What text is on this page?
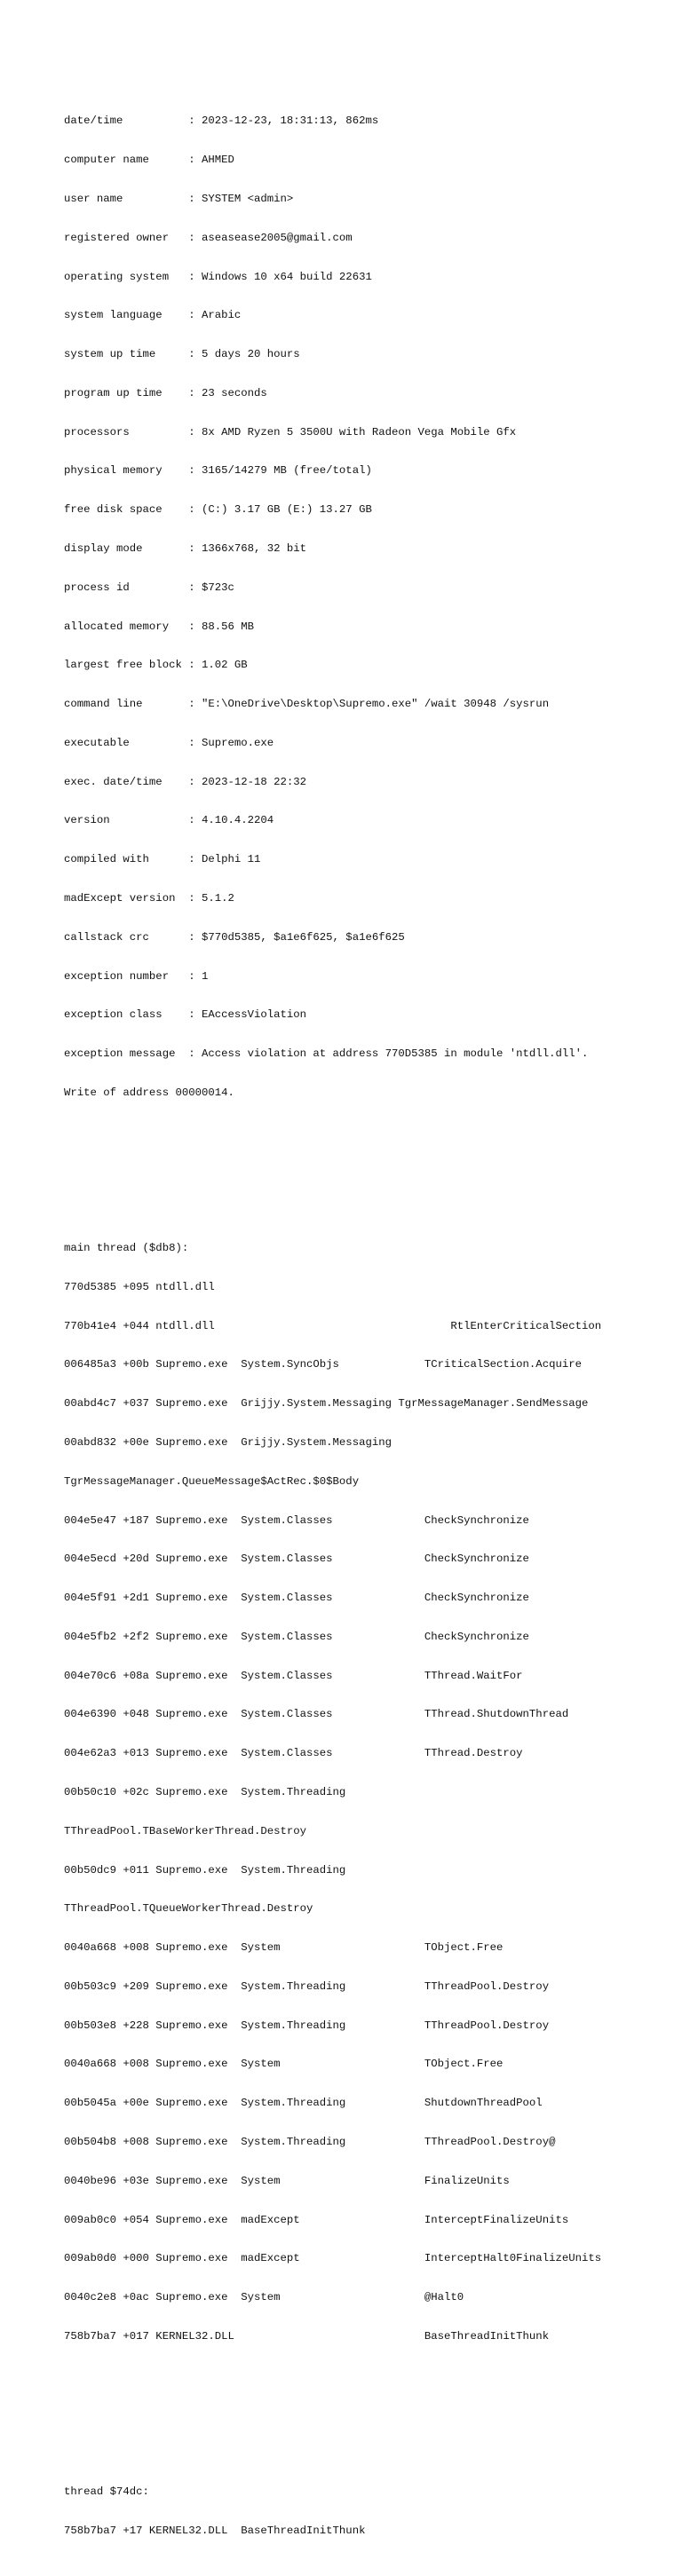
date/time          : 2023-12-23, 18:31:13, 862ms

computer name      : AHMED

user name          : SYSTEM <admin>

registered owner   : aseasease2005@gmail.com

operating system   : Windows 10 x64 build 22631

system language    : Arabic

system up time     : 5 days 20 hours

program up time    : 23 seconds

processors         : 8x AMD Ryzen 5 3500U with Radeon Vega Mobile Gfx

physical memory    : 3165/14279 MB (free/total)

free disk space    : (C:) 3.17 GB (E:) 13.27 GB

display mode       : 1366x768, 32 bit

process id         : $723c

allocated memory   : 88.56 MB

largest free block : 1.02 GB

command line       : "E:\OneDrive\Desktop\Supremo.exe" /wait 30948 /sysrun

executable         : Supremo.exe

exec. date/time    : 2023-12-18 22:32

version            : 4.10.4.2204

compiled with      : Delphi 11

madExcept version  : 5.1.2

callstack crc      : $770d5385, $a1e6f625, $a1e6f625

exception number   : 1

exception class    : EAccessViolation

exception message  : Access violation at address 770D5385 in module 'ntdll.dll'.

Write of address 00000014.

main thread ($db8):

770d5385 +095 ntdll.dll

770b41e4 +044 ntdll.dll                                    RtlEnterCriticalSection

006485a3 +00b Supremo.exe  System.SyncObjs             TCriticalSection.Acquire

00abd4c7 +037 Supremo.exe  Grijjy.System.Messaging TgrMessageManager.SendMessage

00abd832 +00e Supremo.exe  Grijjy.System.Messaging

TgrMessageManager.QueueMessage$ActRec.$0$Body

004e5e47 +187 Supremo.exe  System.Classes              CheckSynchronize

004e5ecd +20d Supremo.exe  System.Classes              CheckSynchronize

004e5f91 +2d1 Supremo.exe  System.Classes              CheckSynchronize

004e5fb2 +2f2 Supremo.exe  System.Classes              CheckSynchronize

004e70c6 +08a Supremo.exe  System.Classes              TThread.WaitFor

004e6390 +048 Supremo.exe  System.Classes              TThread.ShutdownThread

004e62a3 +013 Supremo.exe  System.Classes              TThread.Destroy

00b50c10 +02c Supremo.exe  System.Threading

TThreadPool.TBaseWorkerThread.Destroy

00b50dc9 +011 Supremo.exe  System.Threading

TThreadPool.TQueueWorkerThread.Destroy

0040a668 +008 Supremo.exe  System                      TObject.Free

00b503c9 +209 Supremo.exe  System.Threading            TThreadPool.Destroy

00b503e8 +228 Supremo.exe  System.Threading            TThreadPool.Destroy

0040a668 +008 Supremo.exe  System                      TObject.Free

00b5045a +00e Supremo.exe  System.Threading            ShutdownThreadPool

00b504b8 +008 Supremo.exe  System.Threading            TThreadPool.Destroy@

0040be96 +03e Supremo.exe  System                      FinalizeUnits

009ab0c0 +054 Supremo.exe  madExcept                   InterceptFinalizeUnits

009ab0d0 +000 Supremo.exe  madExcept                   InterceptHalt0FinalizeUnits

0040c2e8 +0ac Supremo.exe  System                      @Halt0

758b7ba7 +017 KERNEL32.DLL                             BaseThreadInitThunk

thread $74dc:

758b7ba7 +17 KERNEL32.DLL  BaseThreadInitThunk
